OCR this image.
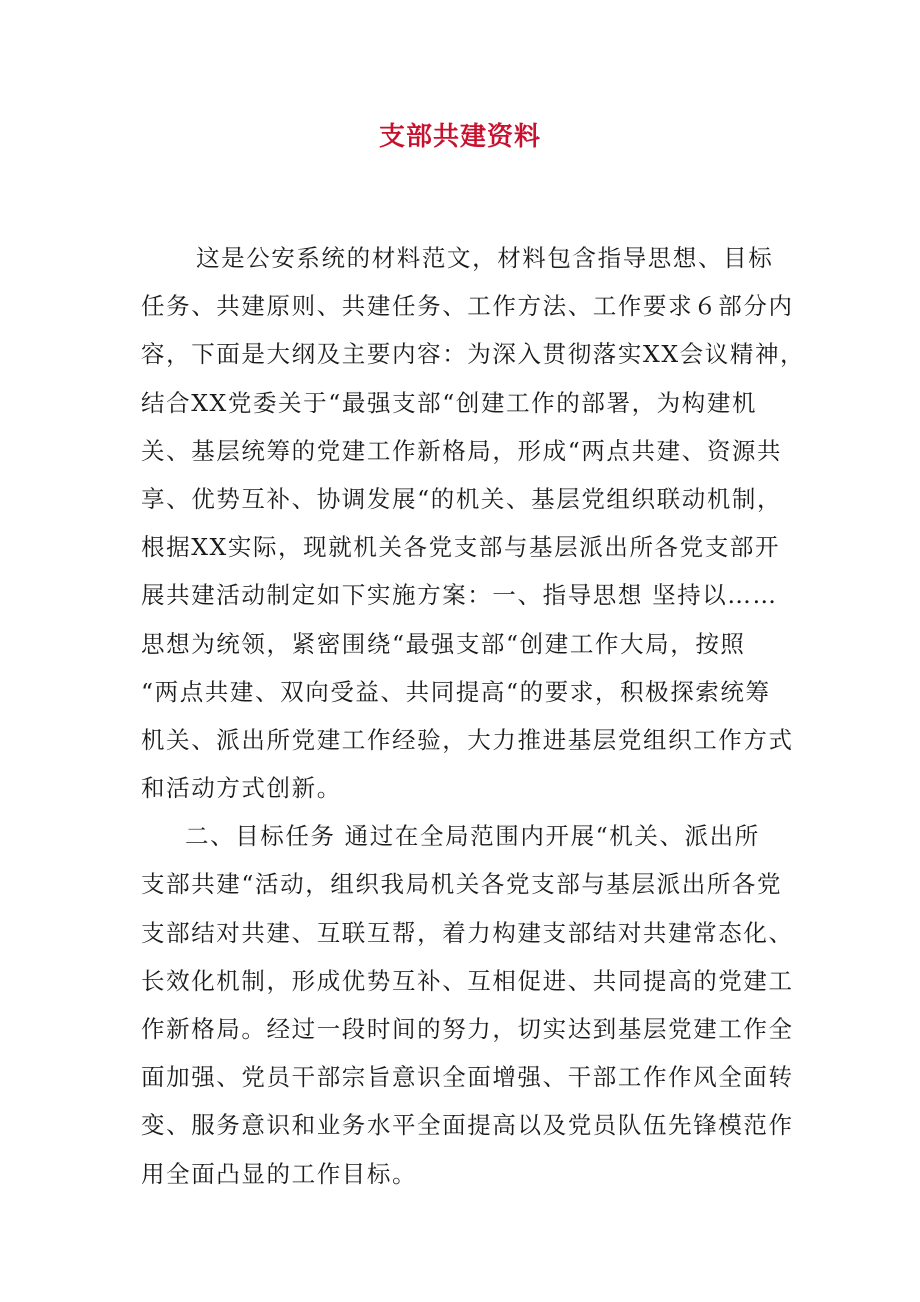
支部共建资料

这是公安系统的材料范文，材料包含指导思想、目标
任务、共建原则、共建任务、工作方法、工作要求６部分内
容，下面是大纲及主要内容：为深入贯彻落实XX会议精神，
结合XX党委关于“最强支部“创建工作的部署，为构建机
关、基层统筹的党建工作新格局，形成“两点共建、资源共
享、优势互补、协调发展“的机关、基层党组织联动机制，
根据XX实际，现就机关各党支部与基层派出所各党支部开
展共建活动制定如下实施方案：一、指导思想 坚持以……
思想为统领，紧密围绕“最强支部“创建工作大局，按照
“两点共建、双向受益、共同提高“的要求，积极探索统筹
机关、派出所党建工作经验，大力推进基层党组织工作方式
和活动方式创新。

二、目标任务 通过在全局范围内开展“机关、派出所
支部共建“活动，组织我局机关各党支部与基层派出所各党
支部结对共建、互联互帮，着力构建支部结对共建常态化、
长效化机制，形成优势互补、互相促进、共同提高的党建工
作新格局。经过一段时间的努力，切实达到基层党建工作全
面加强、党员干部宗旨意识全面增强、干部工作作风全面转
变、服务意识和业务水平全面提高以及党员队伍先锋模范作
用全面凸显的工作目标。
